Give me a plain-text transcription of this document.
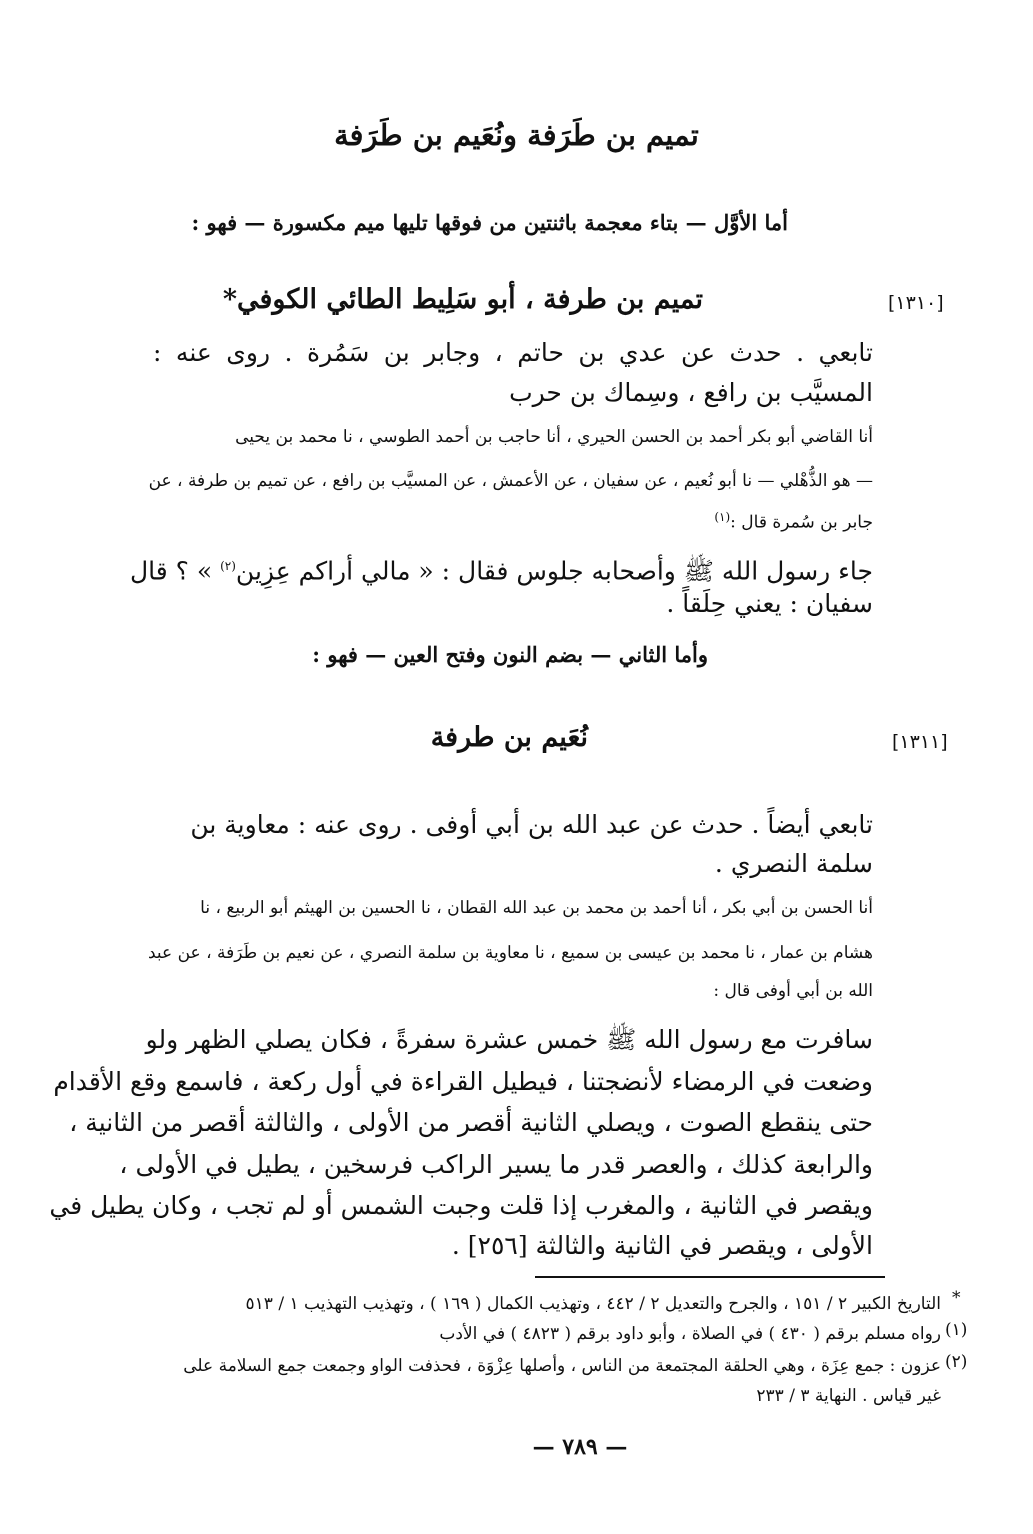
تميم بن طَرَفة ونُعَيم بن طَرَفة
أما الأوَّل — بتاء معجمة باثنتين من فوقها تليها ميم مكسورة — فهو :
[١٣١٠]
تميم بن طرفة ، أبو سَلِيط الطائي الكوفي*
تابعي . حدث عن عدي بن حاتم ، وجابر بن سَمُرة . روى عنه :
المسيَّب بن رافع ، وسِماك بن حرب
أنا القاضي أبو بكر أحمد بن الحسن الحيري ، أنا حاجب بن أحمد الطوسي ، نا محمد بن يحيى
— هو الذُّهْلي — نا أبو نُعيم ، عن سفيان ، عن الأعمش ، عن المسيَّب بن رافع ، عن تميم بن طرفة ، عن
جابر بن سُمرة قال :$^{(١)}$
جاء رسول الله ﷺ وأصحابه جلوس فقال : « مالي أراكم عِزِين$^{(٢)}$ » ؟ قال
سفيان : يعني حِلَقاً .
وأما الثاني — بضم النون وفتح العين — فهو :
[١٣١١]
نُعَيم بن طرفة
تابعي أيضاً . حدث عن عبد الله بن أبي أوفى . روى عنه : معاوية بن
سلمة النصري .
أنا الحسن بن أبي بكر ، أنا أحمد بن محمد بن عبد الله القطان ، نا الحسين بن الهيثم أبو الربيع ، نا
هشام بن عمار ، نا محمد بن عيسى بن سميع ، نا معاوية بن سلمة النصري ، عن نعيم بن طَرَفة ، عن عبد
الله بن أبي أوفى قال :
سافرت مع رسول الله ﷺ خمس عشرة سفرةً ، فكان يصلي الظهر ولو
وضعت في الرمضاء لأنضجتنا ، فيطيل القراءة في أول ركعة ، فاسمع وقع الأقدام
حتى ينقطع الصوت ، ويصلي الثانية أقصر من الأولى ، والثالثة أقصر من الثانية ،
والرابعة كذلك ، والعصر قدر ما يسير الراكب فرسخين ، يطيل في الأولى ،
ويقصر في الثانية ، والمغرب إذا قلت وجبت الشمس أو لم تجب ، وكان يطيل في
الأولى ، ويقصر في الثانية والثالثة [٢٥٦] .
*
التاريخ الكبير ٢ / ١٥١ ، والجرح والتعديل ٢ / ٤٤٢ ، وتهذيب الكمال ( ١٦٩ ) ، وتهذيب التهذيب ١ / ٥١٣
(١)
رواه مسلم برقم ( ٤٣٠ ) في الصلاة ، وأبو داود برقم ( ٤٨٢٣ ) في الأدب
(٢)
عزون : جمع عِزَة ، وهي الحلقة المجتمعة من الناس ، وأصلها عِزْوَة ، فحذفت الواو وجمعت جمع السلامة على
غير قياس . النهاية ٣ / ٢٣٣
— ٧٨٩ —
